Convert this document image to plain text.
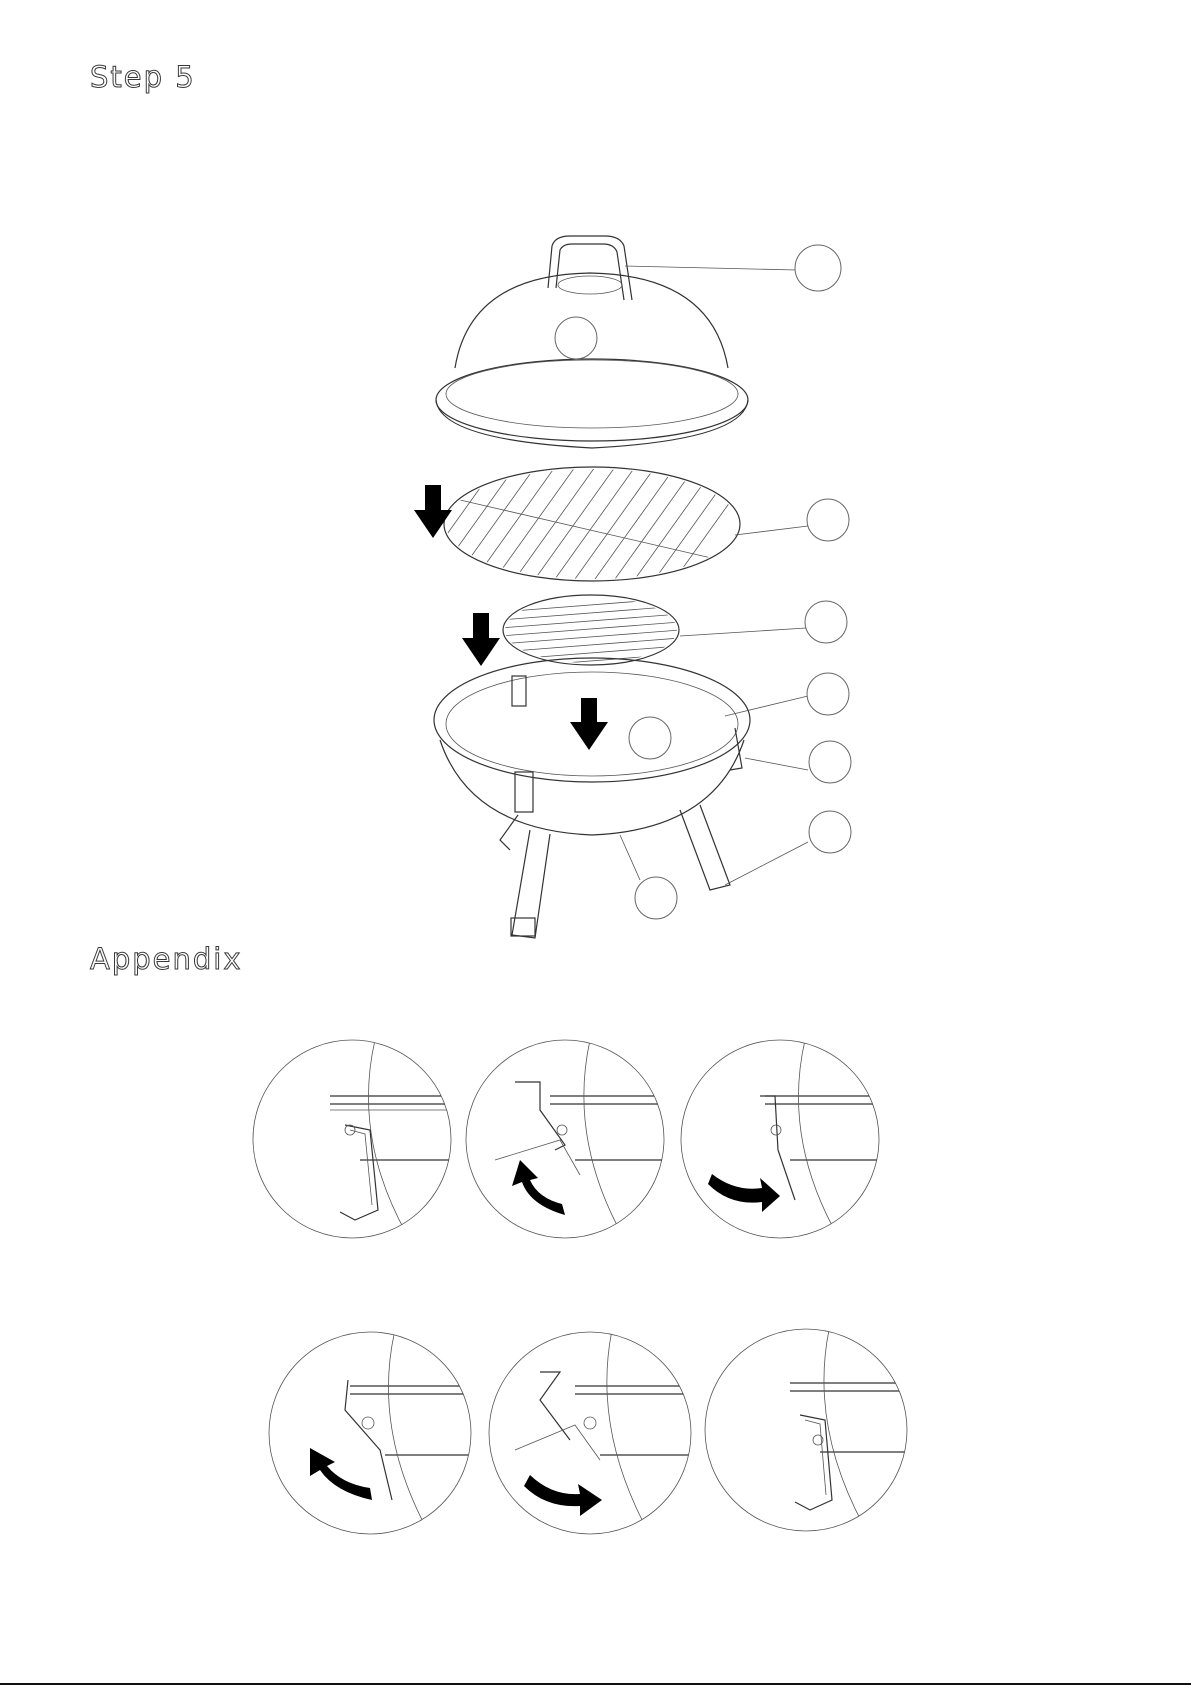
Step 5
Appendix
